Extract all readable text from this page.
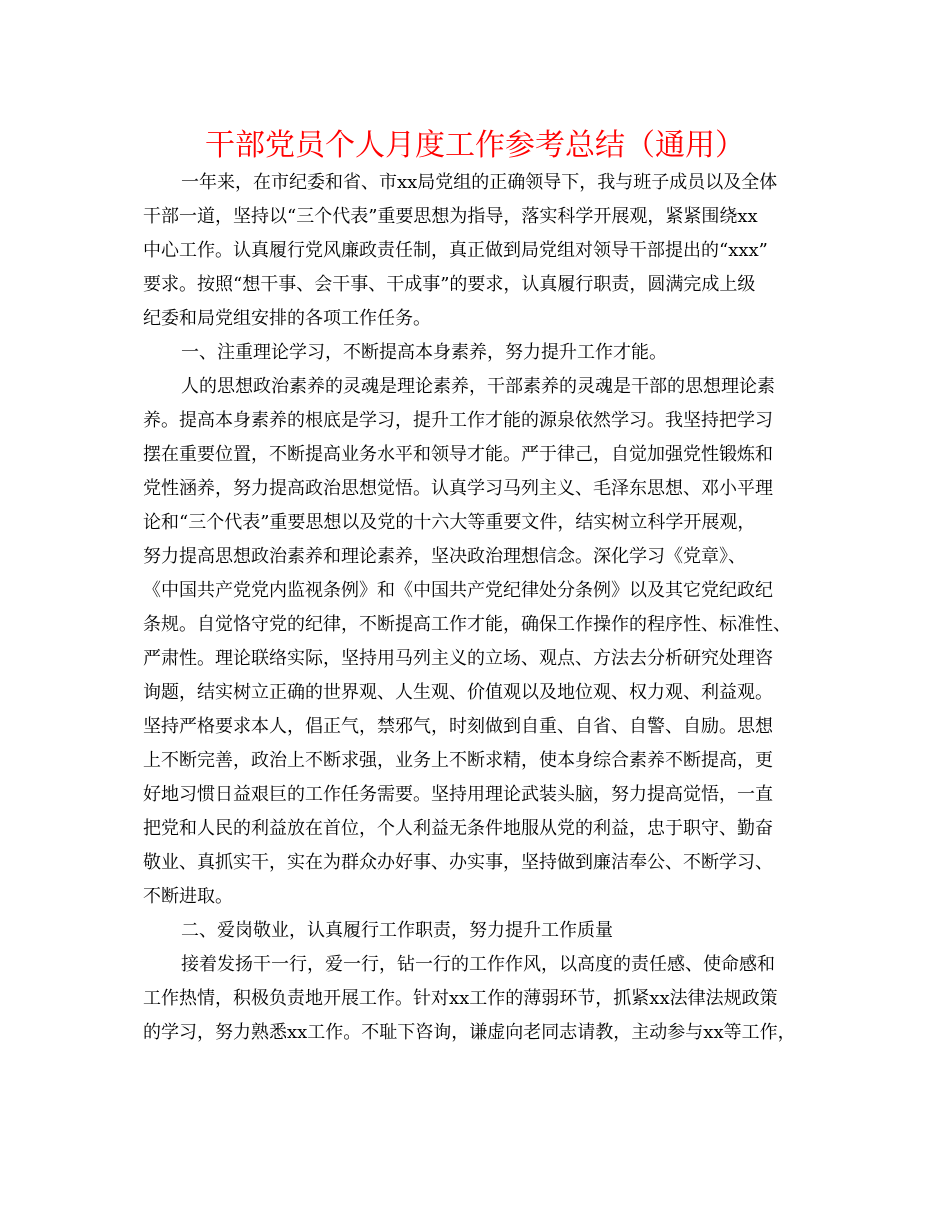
干部党员个人月度工作参考总结（通用）
一年来，在市纪委和省、市xx局党组的正确领导下，我与班子成员以及全体
干部一道，坚持以“三个代表”重要思想为指导，落实科学开展观，紧紧围绕xx
中心工作。认真履行党风廉政责任制，真正做到局党组对领导干部提出的“xxx”
要求。按照“想干事、会干事、干成事”的要求，认真履行职责，圆满完成上级
纪委和局党组安排的各项工作任务。
一、注重理论学习，不断提高本身素养，努力提升工作才能。
人的思想政治素养的灵魂是理论素养，干部素养的灵魂是干部的思想理论素
养。提高本身素养的根底是学习，提升工作才能的源泉依然学习。我坚持把学习
摆在重要位置，不断提高业务水平和领导才能。严于律己，自觉加强党性锻炼和
党性涵养，努力提高政治思想觉悟。认真学习马列主义、毛泽东思想、邓小平理
论和“三个代表”重要思想以及党的十六大等重要文件，结实树立科学开展观，
努力提高思想政治素养和理论素养，坚决政治理想信念。深化学习《党章》、
《中国共产党党内监视条例》和《中国共产党纪律处分条例》以及其它党纪政纪
条规。自觉恪守党的纪律，不断提高工作才能，确保工作操作的程序性、标准性、
严肃性。理论联络实际，坚持用马列主义的立场、观点、方法去分析研究处理咨
询题，结实树立正确的世界观、人生观、价值观以及地位观、权力观、利益观。
坚持严格要求本人，倡正气，禁邪气，时刻做到自重、自省、自警、自励。思想
上不断完善，政治上不断求强，业务上不断求精，使本身综合素养不断提高，更
好地习惯日益艰巨的工作任务需要。坚持用理论武装头脑，努力提高觉悟，一直
把党和人民的利益放在首位，个人利益无条件地服从党的利益，忠于职守、勤奋
敬业、真抓实干，实在为群众办好事、办实事，坚持做到廉洁奉公、不断学习、
不断进取。
二、爱岗敬业，认真履行工作职责，努力提升工作质量
接着发扬干一行，爱一行，钻一行的工作作风，以高度的责任感、使命感和
工作热情，积极负责地开展工作。针对xx工作的薄弱环节，抓紧xx法律法规政策
的学习，努力熟悉xx工作。不耻下咨询，谦虚向老同志请教，主动参与xx等工作，
